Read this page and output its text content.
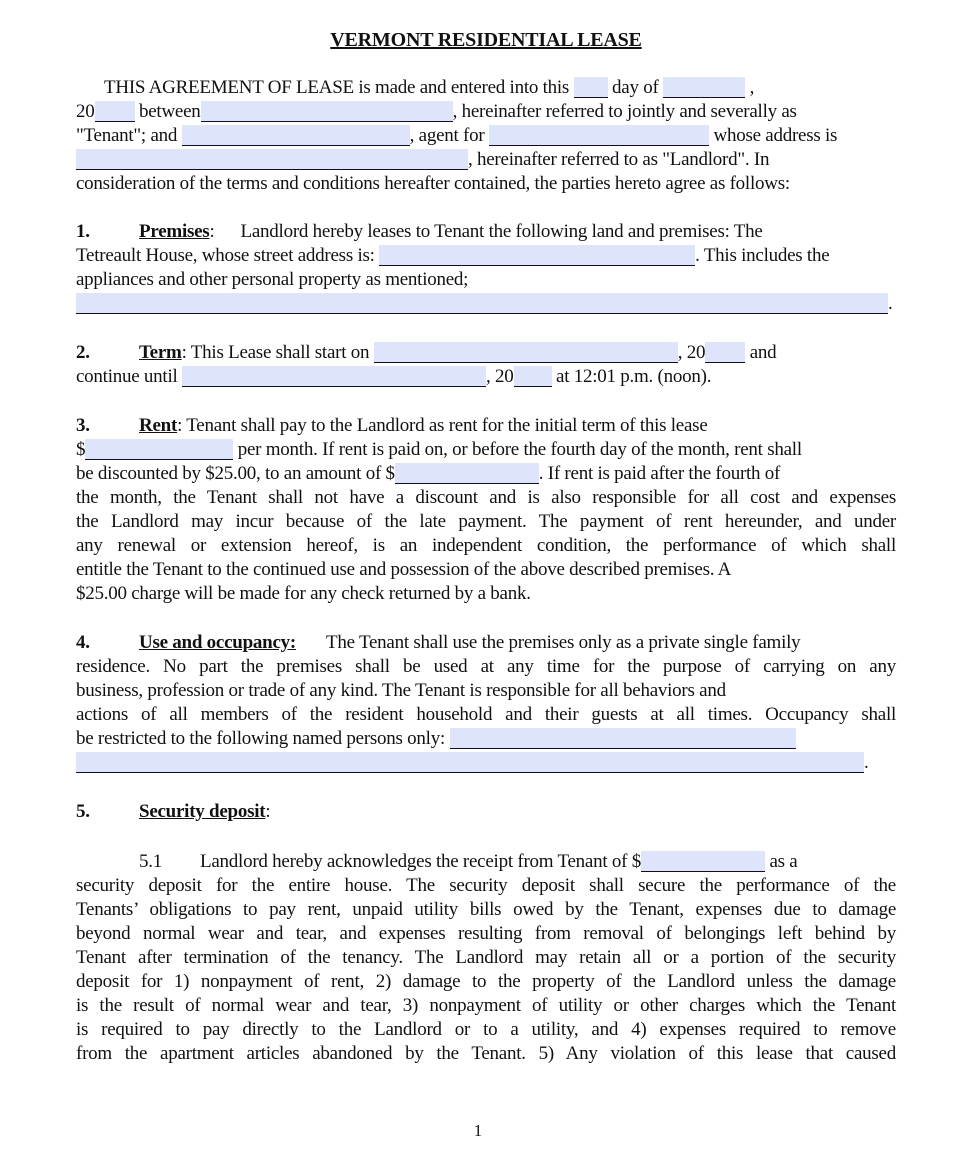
VERMONT RESIDENTIAL LEASE
THIS AGREEMENT OF LEASE is made and entered into this day of	,
20 between	, hereinafter referred to jointly and severally as
"Tenant"; and	, agent for	whose address is
, hereinafter referred to as "Landlord". In
consideration of the terms and conditions hereafter contained, the parties hereto agree as follows:
1.	Premises: Landlord hereby leases to Tenant the following land and premises: The
Tetreault House, whose street address is:	. This includes the
appliances and other personal property as mentioned;
.
2.	Term: This Lease shall start on	, 20 and
continue until	, 20 at 12:01 p.m. (noon).
3.	Rent: Tenant shall pay to the Landlord as rent for the initial term of this lease
$	per month. If rent is paid on, or before the fourth day of the month, rent shall
be discounted by $25.00, to an amount of $	. If rent is paid after the fourth of
the month, the Tenant shall not have a discount and is also responsible for all cost and expenses
the Landlord may incur because of the late payment. The payment of rent hereunder, and under
any renewal or extension hereof, is an independent condition, the performance of which shall
entitle the Tenant to the continued use and possession of the above described premises. A
$25.00 charge will be made for any check returned by a bank.
4.	Use and occupancy: The Tenant shall use the premises only as a private single family
residence. No part the premises shall be used at any time for the purpose of carrying on any
business, profession or trade of any kind. The Tenant is responsible for all behaviors and
actions of all members of the resident household and their guests at all times. Occupancy shall
be restricted to the following named persons only:
.
5.	Security deposit:
5.1 Landlord hereby acknowledges the receipt from Tenant of $	as a
security deposit for the entire house. The security deposit shall secure the performance of the
Tenants’ obligations to pay rent, unpaid utility bills owed by the Tenant, expenses due to damage
beyond normal wear and tear, and expenses resulting from removal of belongings left behind by
Tenant after termination of the tenancy. The Landlord may retain all or a portion of the security
deposit for 1) nonpayment of rent, 2) damage to the property of the Landlord unless the damage
is the result of normal wear and tear, 3) nonpayment of utility or other charges which the Tenant
is required to pay directly to the Landlord or to a utility, and 4) expenses required to remove
from the apartment articles abandoned by the Tenant. 5) Any violation of this lease that caused
1
